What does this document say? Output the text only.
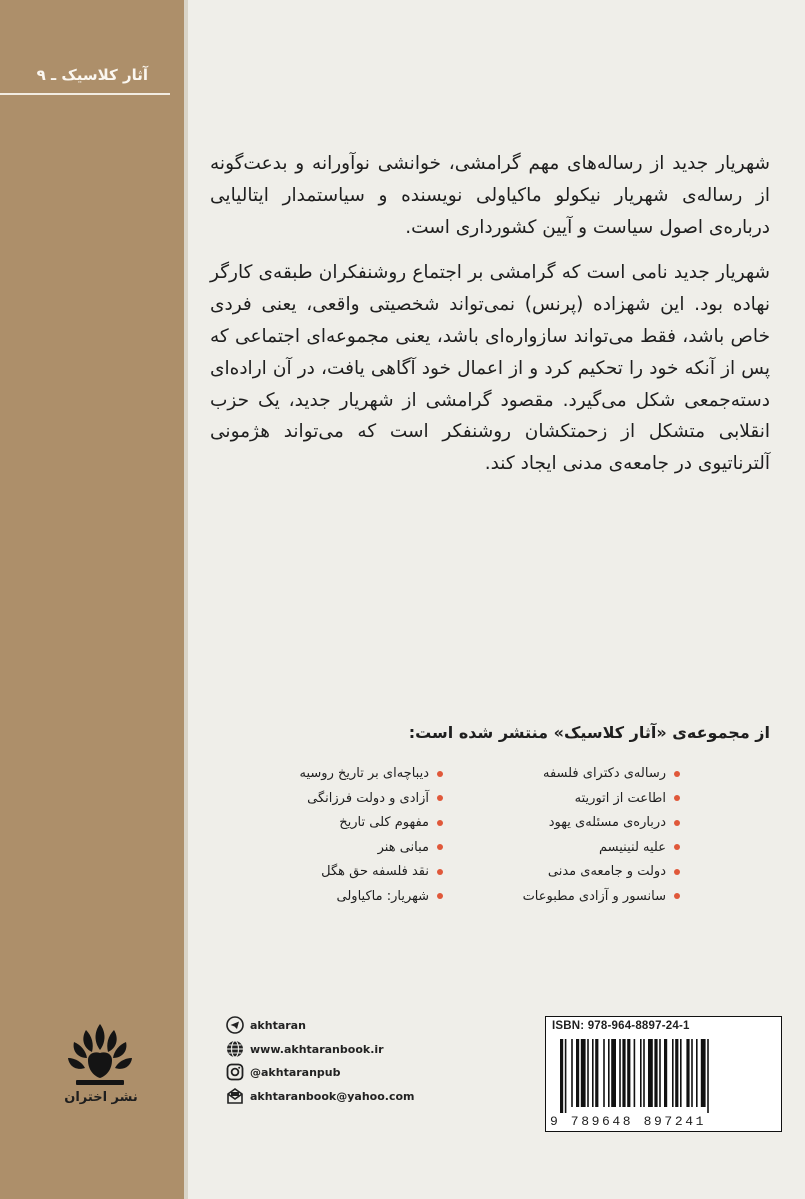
آثار کلاسیک ـ ۹
نشر اختران

شهریار جدید از رساله‌های مهم گرامشی، خوانشی نوآورانه و بدعت‌گونه از رساله‌ی شهریار نیکولو ماکیاولی نویسنده و سیاستمدار ایتالیایی درباره‌ی اصول سیاست و آیین کشورداری است.

شهریار جدید نامی است که گرامشی بر اجتماع روشنفکران طبقه‌ی کارگر نهاده بود. این شهزاده (پرنس) نمی‌تواند شخصیتی واقعی، یعنی فردی خاص باشد، فقط می‌تواند سازواره‌ای باشد، یعنی مجموعه‌ای اجتماعی که پس از آنکه خود را تحکیم کرد و از اعمال خود آگاهی یافت، در آن اراده‌ای دسته‌جمعی شکل می‌گیرد. مقصود گرامشی از شهریار جدید، یک حزب انقلابی متشکل از زحمتکشان روشنفکر است که می‌تواند هژمونی آلترناتیوی در جامعه‌ی مدنی ایجاد کند.

از مجموعه‌ی «آثار کلاسیک» منتشر شده است:
رساله‌ی دکترای فلسفه
اطاعت از اتوریته
درباره‌ی مسئله‌ی یهود
علیه لنینیسم
دولت و جامعه‌ی مدنی
سانسور و آزادی مطبوعات
دیباچه‌ای بر تاریخ روسیه
آزادی و دولت فرزانگی
مفهوم کلی تاریخ
مبانی هنر
نقد فلسفه حق هگل
شهریار: ماکیاولی
akhtaran
www.akhtaranbook.ir
@akhtaranpub
akhtaranbook@yahoo.com
ISBN: 978-964-8897-24-1
9 789648 897241
